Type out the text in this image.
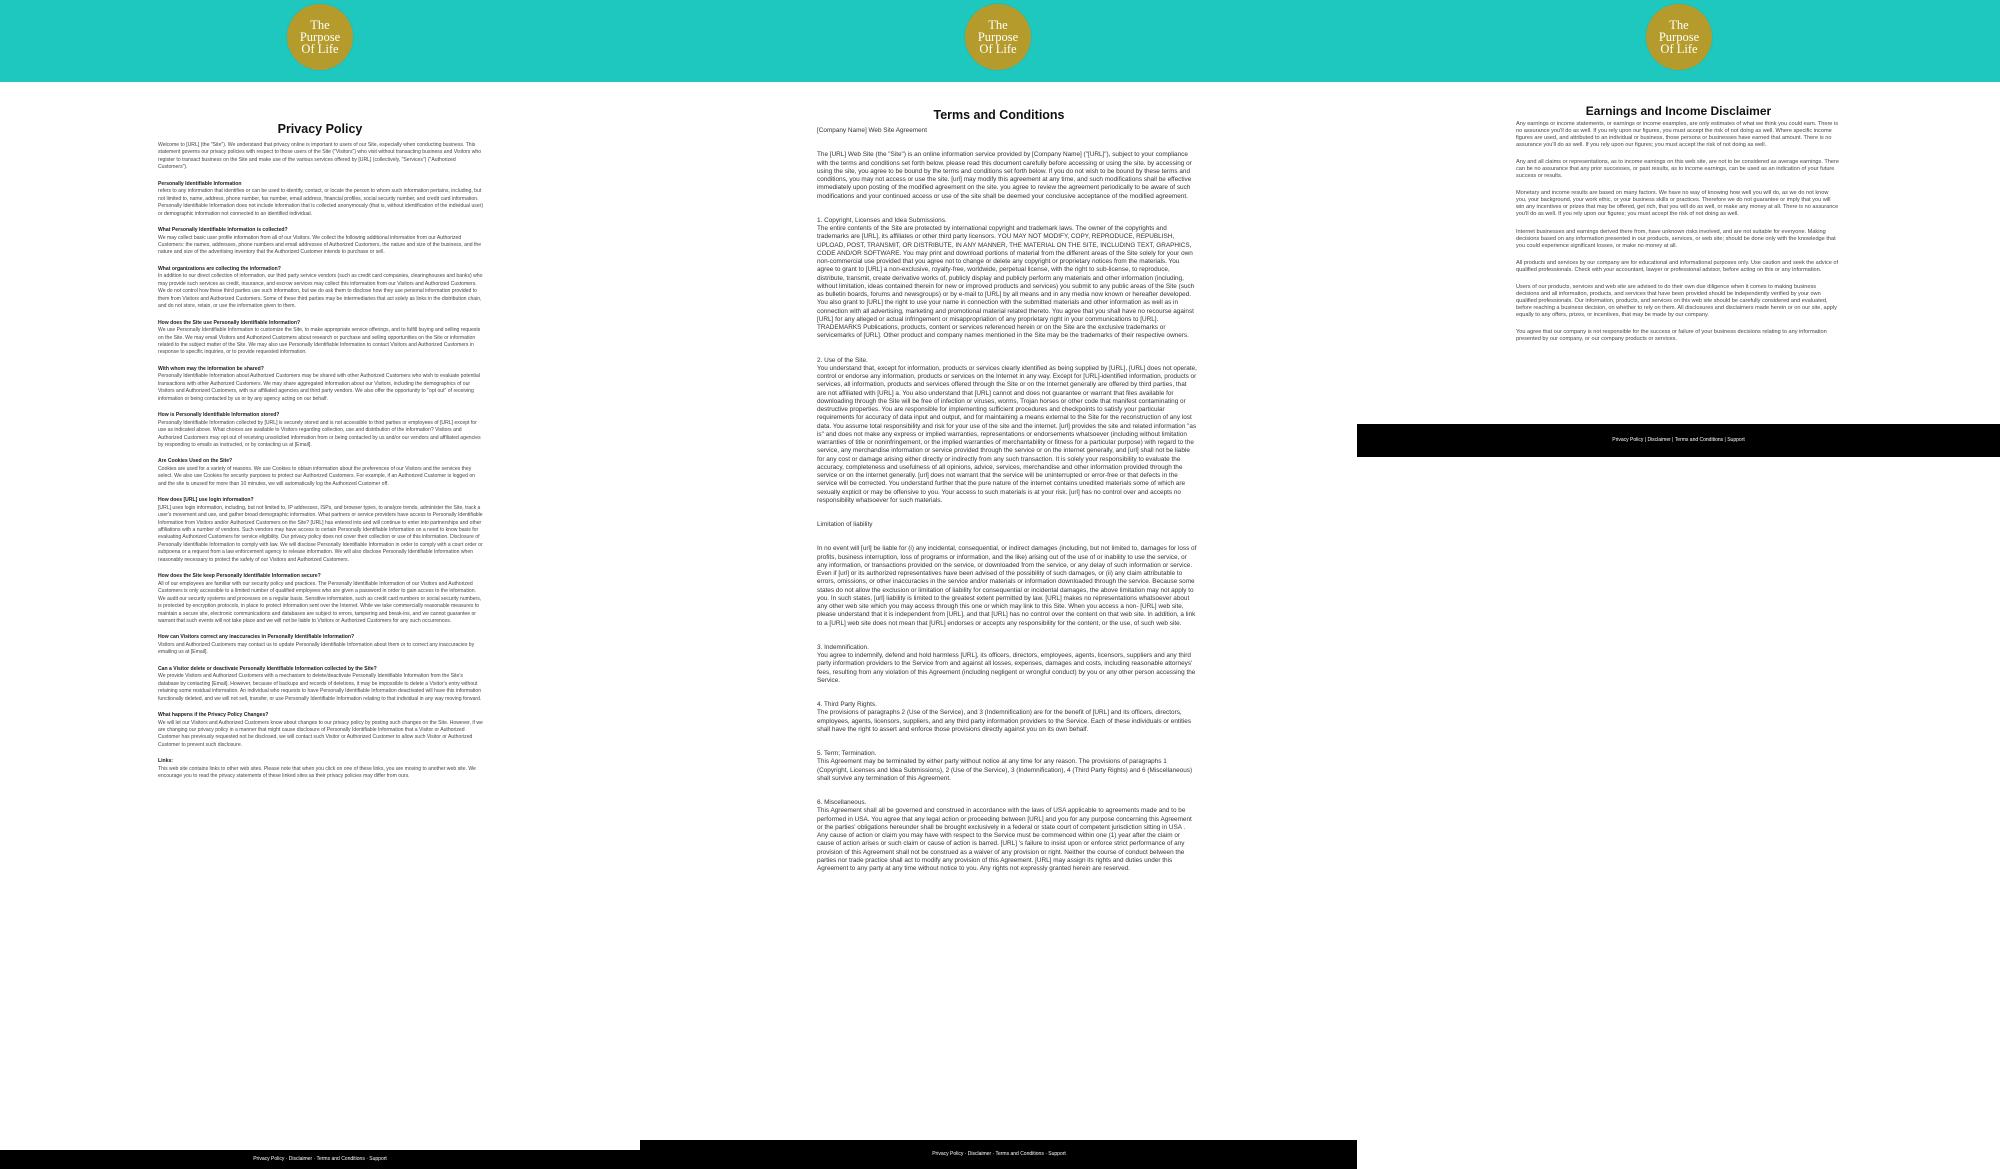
The
Purpose
Of Life
Privacy Policy

Welcome to [URL] (the "Site"). We understand that privacy online is important to users of our Site, especially when conducting business. This statement governs our privacy policies with respect to those users of the Site ("Visitors") who visit without transacting business and Visitors who register to transact business on the Site and make use of the various services offered by [URL] (collectively, "Services") ("Authorized Customers").

Personally Identifiable Information

refers to any information that identifies or can be used to identify, contact, or locate the person to whom such information pertains, including, but not limited to, name, address, phone number, fax number, email address, financial profiles, social security number, and credit card information. Personally Identifiable Information does not include information that is collected anonymously (that is, without identification of the individual user) or demographic information not connected to an identified individual.

What Personally Identifiable Information is collected?

We may collect basic user profile information from all of our Visitors. We collect the following additional information from our Authorized Customers: the names, addresses, phone numbers and email addresses of Authorized Customers, the nature and size of the business, and the nature and size of the advertising inventory that the Authorized Customer intends to purchase or sell.

What organizations are collecting the information?

In addition to our direct collection of information, our third party service vendors (such as credit card companies, clearinghouses and banks) who may provide such services as credit, insurance, and escrow services may collect this information from our Visitors and Authorized Customers. We do not control how these third parties use such information, but we do ask them to disclose how they use personal information provided to them from Visitors and Authorized Customers. Some of these third parties may be intermediaries that act solely as links in the distribution chain, and do not store, retain, or use the information given to them.

How does the Site use Personally Identifiable Information?

We use Personally Identifiable Information to customize the Site, to make appropriate service offerings, and to fulfill buying and selling requests on the Site. We may email Visitors and Authorized Customers about research or purchase and selling opportunities on the Site or information related to the subject matter of the Site. We may also use Personally Identifiable Information to contact Visitors and Authorized Customers in response to specific inquiries, or to provide requested information.

With whom may the information be shared?

Personally Identifiable Information about Authorized Customers may be shared with other Authorized Customers who wish to evaluate potential transactions with other Authorized Customers. We may share aggregated information about our Visitors, including the demographics of our Visitors and Authorized Customers, with our affiliated agencies and third party vendors. We also offer the opportunity to "opt out" of receiving information or being contacted by us or by any agency acting on our behalf.

How is Personally Identifiable Information stored?

Personally Identifiable Information collected by [URL] is securely stored and is not accessible to third parties or employees of [URL] except for use as indicated above. What choices are available to Visitors regarding collection, use and distribution of the information? Visitors and Authorized Customers may opt out of receiving unsolicited information from or being contacted by us and/or our vendors and affiliated agencies by responding to emails as instructed, or by contacting us at [Email].

Are Cookies Used on the Site?

Cookies are used for a variety of reasons. We use Cookies to obtain information about the preferences of our Visitors and the services they select. We also use Cookies for security purposes to protect our Authorized Customers. For example, if an Authorized Customer is logged on and the site is unused for more than 10 minutes, we will automatically log the Authorized Customer off.

How does [URL] use login information?

[URL] uses login information, including, but not limited to, IP addresses, ISPs, and browser types, to analyze trends, administer the Site, track a user's movement and use, and gather broad demographic information. What partners or service providers have access to Personally Identifiable Information from Visitors and/or Authorized Customers on the Site? [URL] has entered into and will continue to enter into partnerships and other affiliations with a number of vendors. Such vendors may have access to certain Personally Identifiable Information on a need to know basis for evaluating Authorized Customers for service eligibility. Our privacy policy does not cover their collection or use of this information. Disclosure of Personally Identifiable Information to comply with law. We will disclose Personally Identifiable Information in order to comply with a court order or subpoena or a request from a law enforcement agency to release information. We will also disclose Personally Identifiable Information when reasonably necessary to protect the safety of our Visitors and Authorized Customers.

How does the Site keep Personally Identifiable Information secure?

All of our employees are familiar with our security policy and practices. The Personally Identifiable Information of our Visitors and Authorized Customers is only accessible to a limited number of qualified employees who are given a password in order to gain access to the information. We audit our security systems and processes on a regular basis. Sensitive information, such as credit card numbers or social security numbers, is protected by encryption protocols, in place to protect information sent over the Internet. While we take commercially reasonable measures to maintain a secure site, electronic communications and databases are subject to errors, tampering and break-ins, and we cannot guarantee or warrant that such events will not take place and we will not be liable to Visitors or Authorized Customers for any such occurrences.

How can Visitors correct any inaccuracies in Personally Identifiable Information?

Visitors and Authorized Customers may contact us to update Personally Identifiable Information about them or to correct any inaccuracies by emailing us at [Email].

Can a Visitor delete or deactivate Personally Identifiable Information collected by the Site?

We provide Visitors and Authorized Customers with a mechanism to delete/deactivate Personally Identifiable Information from the Site's database by contacting [Email]. However, because of backups and records of deletions, it may be impossible to delete a Visitor's entry without retaining some residual information. An individual who requests to have Personally Identifiable Information deactivated will have this information functionally deleted, and we will not sell, transfer, or use Personally Identifiable Information relating to that individual in any way moving forward.

What happens if the Privacy Policy Changes?

We will let our Visitors and Authorized Customers know about changes to our privacy policy by posting such changes on the Site. However, if we are changing our privacy policy in a manner that might cause disclosure of Personally Identifiable Information that a Visitor or Authorized Customer has previously requested not be disclosed, we will contact such Visitor or Authorized Customer to allow such Visitor or Authorized Customer to prevent such disclosure.

Links:

This web site contains links to other web sites. Please note that when you click on one of these links, you are moving to another web site. We encourage you to read the privacy statements of these linked sites as their privacy policies may differ from ours.

Privacy Policy · Disclaimer · Terms and Conditions · Support
The
Purpose
Of Life
Terms and Conditions

[Company Name] Web Site Agreement

The [URL] Web Site (the "Site") is an online information service provided by [Company Name] ("[URL]"), subject to your compliance with the terms and conditions set forth below. please read this document carefully before accessing or using the site. by accessing or using the site, you agree to be bound by the terms and conditions set forth below. If you do not wish to be bound by these terms and conditions, you may not access or use the site. [url] may modify this agreement at any time, and such modifications shall be effective immediately upon posting of the modified agreement on the site. you agree to review the agreement periodically to be aware of such modifications and your continued access or use of the site shall be deemed your conclusive acceptance of the modified agreement.

1. Copyright, Licenses and Idea Submissions.

The entire contents of the Site are protected by international copyright and trademark laws. The owner of the copyrights and trademarks are [URL], its affiliates or other third party licensors. YOU MAY NOT MODIFY, COPY, REPRODUCE, REPUBLISH, UPLOAD, POST, TRANSMIT, OR DISTRIBUTE, IN ANY MANNER, THE MATERIAL ON THE SITE, INCLUDING TEXT, GRAPHICS, CODE AND/OR SOFTWARE. You may print and download portions of material from the different areas of the Site solely for your own non-commercial use provided that you agree not to change or delete any copyright or proprietary notices from the materials. You agree to grant to [URL] a non-exclusive, royalty-free, worldwide, perpetual license, with the right to sub-license, to reproduce, distribute, transmit, create derivative works of, publicly display and publicly perform any materials and other information (including, without limitation, ideas contained therein for new or improved products and services) you submit to any public areas of the Site (such as bulletin boards, forums and newsgroups) or by e-mail to [URL] by all means and in any media now known or hereafter developed. You also grant to [URL] the right to use your name in connection with the submitted materials and other information as well as in connection with all advertising, marketing and promotional material related thereto. You agree that you shall have no recourse against [URL] for any alleged or actual infringement or misappropriation of any proprietary right in your communications to [URL]. TRADEMARKS Publications, products, content or services referenced herein or on the Site are the exclusive trademarks or servicemarks of [URL]. Other product and company names mentioned in the Site may be the trademarks of their respective owners.

2. Use of the Site.

You understand that, except for information, products or services clearly identified as being supplied by [URL], [URL] does not operate, control or endorse any information, products or services on the Internet in any way. Except for [URL]-identified information, products or services, all information, products and services offered through the Site or on the Internet generally are offered by third parties, that are not affiliated with [URL] a. You also understand that [URL] cannot and does not guarantee or warrant that files available for downloading through the Site will be free of infection or viruses, worms, Trojan horses or other code that manifest contaminating or destructive properties. You are responsible for implementing sufficient procedures and checkpoints to satisfy your particular requirements for accuracy of data input and output, and for maintaining a means external to the Site for the reconstruction of any lost data. You assume total responsibility and risk for your use of the site and the internet. [url] provides the site and related information "as is" and does not make any express or implied warranties, representations or endorsements whatsoever (including without limitation warranties of title or noninfringement, or the implied warranties of merchantability or fitness for a particular purpose) with regard to the service, any merchandise information or service provided through the service or on the internet generally, and [url] shall not be liable for any cost or damage arising either directly or indirectly from any such transaction. It is solely your responsibility to evaluate the accuracy, completeness and usefulness of all opinions, advice, services, merchandise and other information provided through the service or on the internet generally. [url] does not warrant that the service will be uninterrupted or error-free or that defects in the service will be corrected. You understand further that the pure nature of the internet contains unedited materials some of which are sexually explicit or may be offensive to you. Your access to such materials is at your risk. [url] has no control over and accepts no responsibility whatsoever for such materials.

Limitation of liability

In no event will [url] be liable for (i) any incidental, consequential, or indirect damages (including, but not limited to, damages for loss of profits, business interruption, loss of programs or information, and the like) arising out of the use of or inability to use the service, or any information, or transactions provided on the service, or downloaded from the service, or any delay of such information or service. Even if [url] or its authorized representatives have been advised of the possibility of such damages, or (ii) any claim attributable to errors, omissions, or other inaccuracies in the service and/or materials or information downloaded through the service. Because some states do not allow the exclusion or limitation of liability for consequential or incidental damages, the above limitation may not apply to you. In such states, [url] liability is limited to the greatest extent permitted by law. [URL] makes no representations whatsoever about any other web site which you may access through this one or which may link to this Site. When you access a non- [URL] web site, please understand that it is independent from [URL], and that [URL] has no control over the content on that web site. In addition, a link to a [URL] web site does not mean that [URL] endorses or accepts any responsibility for the content, or the use, of such web site.

3. Indemnification.

You agree to indemnify, defend and hold harmless [URL], its officers, directors, employees, agents, licensors, suppliers and any third party information providers to the Service from and against all losses, expenses, damages and costs, including reasonable attorneys' fees, resulting from any violation of this Agreement (including negligent or wrongful conduct) by you or any other person accessing the Service.

4. Third Party Rights.

The provisions of paragraphs 2 (Use of the Service), and 3 (Indemnification) are for the benefit of [URL] and its officers, directors, employees, agents, licensors, suppliers, and any third party information providers to the Service. Each of these individuals or entities shall have the right to assert and enforce those provisions directly against you on its own behalf.

5. Term; Termination.

This Agreement may be terminated by either party without notice at any time for any reason. The provisions of paragraphs 1 (Copyright, Licenses and Idea Submissions), 2 (Use of the Service), 3 (Indemnification), 4 (Third Party Rights) and 6 (Miscellaneous) shall survive any termination of this Agreement.

6. Miscellaneous.

This Agreement shall all be governed and construed in accordance with the laws of USA applicable to agreements made and to be performed in USA. You agree that any legal action or proceeding between [URL] and you for any purpose concerning this Agreement or the parties' obligations hereunder shall be brought exclusively in a federal or state court of competent jurisdiction sitting in USA . Any cause of action or claim you may have with respect to the Service must be commenced within one (1) year after the claim or cause of action arises or such claim or cause of action is barred. [URL] 's failure to insist upon or enforce strict performance of any provision of this Agreement shall not be construed as a waiver of any provision or right. Neither the course of conduct between the parties nor trade practice shall act to modify any provision of this Agreement. [URL] may assign its rights and duties under this Agreement to any party at any time without notice to you. Any rights not expressly granted herein are reserved.

Privacy Policy · Disclaimer · Terms and Conditions · Support
The
Purpose
Of Life
Earnings and Income Disclaimer

Any earnings or income statements, or earnings or income examples, are only estimates of what we think you could earn. There is no assurance you'll do as well. If you rely upon our figures, you must accept the risk of not doing as well. Where specific income figures are used, and attributed to an individual or business, those persons or businesses have earned that amount. There is no assurance you'll do as well. If you rely upon our figures; you must accept the risk of not doing as well.

Any and all claims or representations, as to income earnings on this web site, are not to be considered as average earnings. There can be no assurance that any prior successes, or past results, as to income earnings, can be used as an indication of your future success or results.

Monetary and income results are based on many factors. We have no way of knowing how well you will do, as we do not know you, your background, your work ethic, or your business skills or practices. Therefore we do not guarantee or imply that you will win any incentives or prizes that may be offered, get rich, that you will do as well, or make any money at all. There is no assurance you'll do as well. If you rely upon our figures; you must accept the risk of not doing as well.

Internet businesses and earnings derived there from, have unknown risks involved, and are not suitable for everyone. Making decisions based on any information presented in our products, services, or web site; should be done only with the knowledge that you could experience significant losses, or make no money at all.

All products and services by our company are for educational and informational purposes only. Use caution and seek the advice of qualified professionals. Check with your accountant, lawyer or professional advisor, before acting on this or any information.

Users of our products, services and web site are advised to do their own due diligence when it comes to making business decisions and all information, products, and services that have been provided should be independently verified by your own qualified professionals. Our information, products, and services on this web site should be carefully considered and evaluated, before reaching a business decision, on whether to rely on them. All disclosures and disclaimers made herein or on our site, apply equally to any offers, prizes, or incentives, that may be made by our company.

You agree that our company is not responsible for the success or failure of your business decisions relating to any information presented by our company, or our company products or services.

Privacy Policy | Disclaimer | Terms and Conditions | Support
